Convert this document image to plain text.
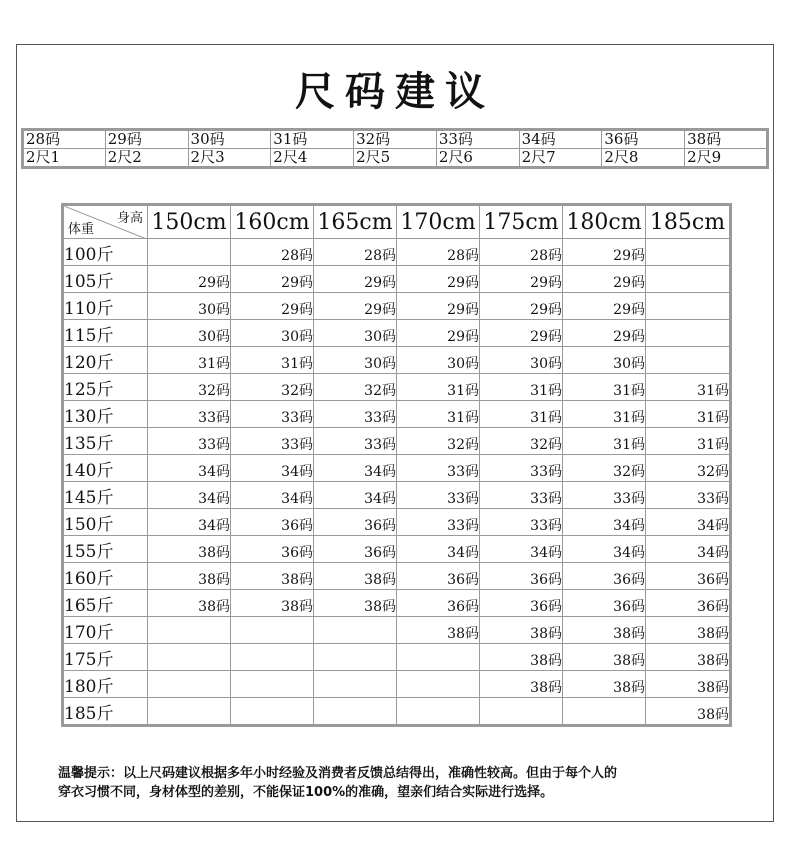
尺码建议
28码	29码	30码	31码	32码	33码	34码	36码	38码
2尺1	2尺2	2尺3	2尺4	2尺5	2尺6	2尺7	2尺8	2尺9
身高
体重	150cm	160cm	165cm	170cm	175cm	180cm	185cm
100斤		28码	28码	28码	28码	29码	
105斤	29码	29码	29码	29码	29码	29码	
110斤	30码	29码	29码	29码	29码	29码	
115斤	30码	30码	30码	29码	29码	29码	
120斤	31码	31码	30码	30码	30码	30码	
125斤	32码	32码	32码	31码	31码	31码	31码
130斤	33码	33码	33码	31码	31码	31码	31码
135斤	33码	33码	33码	32码	32码	31码	31码
140斤	34码	34码	34码	33码	33码	32码	32码
145斤	34码	34码	34码	33码	33码	33码	33码
150斤	34码	36码	36码	33码	33码	34码	34码
155斤	38码	36码	36码	34码	34码	34码	34码
160斤	38码	38码	38码	36码	36码	36码	36码
165斤	38码	38码	38码	36码	36码	36码	36码
170斤				38码	38码	38码	38码
175斤					38码	38码	38码
180斤					38码	38码	38码
185斤							38码
温馨提示：以上尺码建议根据多年小时经验及消费者反馈总结得出，准确性较高。但由于每个人的
穿衣习惯不同，身材体型的差别，不能保证100%的准确，望亲们结合实际进行选择。
